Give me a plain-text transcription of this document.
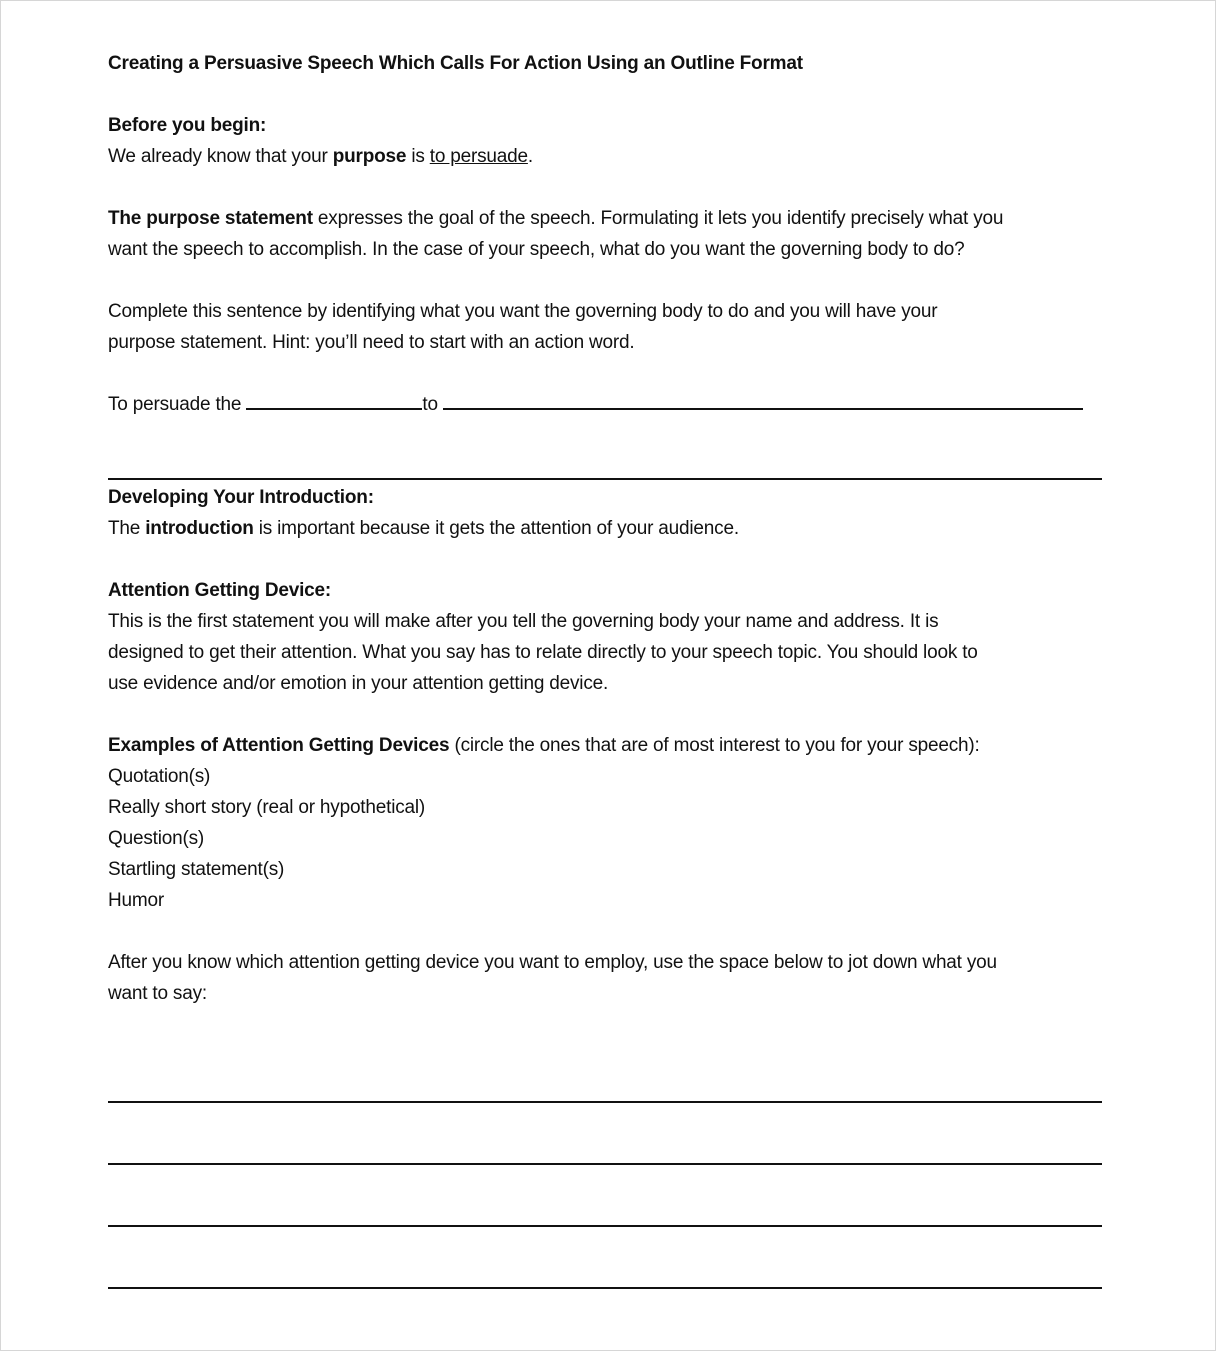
Creating a Persuasive Speech Which Calls For Action Using an Outline Format
Before you begin:
We already know that your purpose is to persuade.
The purpose statement expresses the goal of the speech. Formulating it lets you identify precisely what you
want the speech to accomplish. In the case of your speech, what do you want the governing body to do?
Complete this sentence by identifying what you want the governing body to do and you will have your
purpose statement. Hint: you’ll need to start with an action word.
To persuade the	to
Developing Your Introduction:
The introduction is important because it gets the attention of your audience.
Attention Getting Device:
This is the first statement you will make after you tell the governing body your name and address. It is
designed to get their attention. What you say has to relate directly to your speech topic. You should look to
use evidence and/or emotion in your attention getting device.
Examples of Attention Getting Devices (circle the ones that are of most interest to you for your speech):
Quotation(s)
Really short story (real or hypothetical)
Question(s)
Startling statement(s)
Humor
After you know which attention getting device you want to employ, use the space below to jot down what you
want to say:
